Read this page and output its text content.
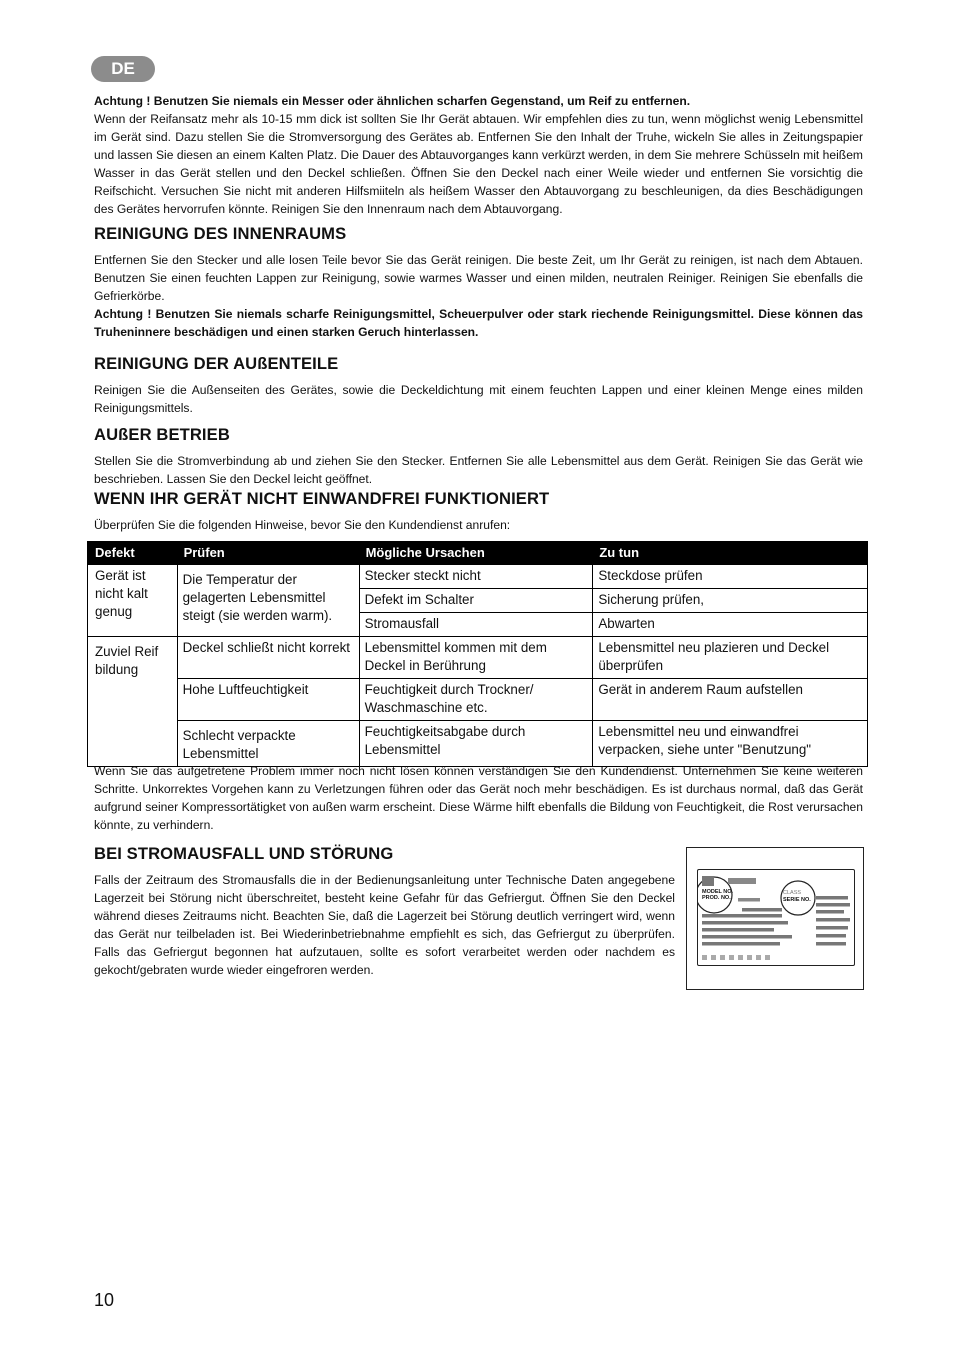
DE

Achtung ! Benutzen Sie niemals ein Messer oder ähnlichen scharfen Gegenstand, um Reif zu entfernen.

Wenn der Reifansatz mehr als 10-15 mm dick ist sollten Sie Ihr Gerät abtauen. Wir empfehlen dies zu tun, wenn möglichst wenig Lebensmittel im Gerät sind. Dazu stellen Sie die Stromversorgung des Gerätes ab. Entfernen Sie den Inhalt der Truhe, wickeln Sie alles in Zeitungspapier und lassen Sie diesen an einem Kalten Platz. Die Dauer des Abtauvorganges kann verkürzt werden, in dem Sie mehrere Schüsseln mit heißem Wasser in das Gerät stellen und den Deckel schließen. Öffnen Sie den Deckel nach einer Weile wieder und entfernen Sie vorsichtig die Reifschicht. Versuchen Sie nicht mit anderen Hilfsmiiteln als heißem Wasser den Abtauvorgang zu beschleunigen, da dies Beschädigungen des Gerätes hervorrufen könnte. Reinigen Sie den Innenraum nach dem Abtauvorgang.

REINIGUNG DES INNENRAUMS

Entfernen Sie den Stecker und alle losen Teile bevor Sie das Gerät reinigen. Die beste Zeit, um Ihr Gerät zu reinigen, ist nach dem Abtauen. Benutzen Sie einen feuchten Lappen zur Reinigung, sowie warmes Wasser und einen milden, neutralen Reiniger. Reinigen Sie ebenfalls die Gefrierkörbe.

Achtung ! Benutzen Sie niemals scharfe Reinigungsmittel, Scheuerpulver oder stark riechende Reinigungsmittel. Diese können das Truheninnere beschädigen und einen starken Geruch hinterlassen.

REINIGUNG DER AUßENTEILE

Reinigen Sie die Außenseiten des Gerätes, sowie die Deckeldichtung mit einem feuchten Lappen und einer kleinen Menge eines milden Reinigungsmittels.

AUßER BETRIEB

Stellen Sie die Stromverbindung ab und ziehen Sie den Stecker. Entfernen Sie alle Lebensmittel aus dem Gerät. Reinigen Sie das Gerät wie beschrieben. Lassen Sie den Deckel leicht geöffnet.

WENN IHR GERÄT NICHT EINWANDFREI FUNKTIONIERT

Überprüfen Sie die folgenden Hinweise, bevor Sie den Kundendienst anrufen:

Defekt	Prüfen	Mögliche Ursachen	Zu tun
Gerät ist nicht kalt genug	Die Temperatur der gelagerten Lebensmittel steigt (sie werden warm).	Stecker steckt nicht	Steckdose prüfen
		Defekt im Schalter	Sicherung prüfen,
		Stromausfall	Abwarten
Zuviel Reif bildung	Deckel schließt nicht korrekt	Lebensmittel kommen mit dem Deckel in Berührung	Lebensmittel neu plazieren und Deckel überprüfen
	Hohe Luftfeuchtigkeit	Feuchtigkeit durch Trockner/ Waschmaschine etc.	Gerät in anderem Raum aufstellen
	Schlecht verpackte Lebensmittel	Feuchtigkeitsabgabe durch Lebensmittel	Lebensmittel neu und einwandfrei verpacken, siehe unter "Benutzung"

Wenn Sie das aufgetretene Problem immer noch nicht lösen können verständigen Sie den Kundendienst. Unternehmen Sie keine weiteren Schritte. Unkorrektes Vorgehen kann zu Verletzungen führen oder das Gerät noch mehr beschädigen. Es ist durchaus normal, daß das Gerät aufgrund seiner Kompressortätigket von außen warm erscheint. Diese Wärme hilft ebenfalls die Bildung von Feuchtigkeit, die Rost verursachen könnte, zu verhindern.

BEI STROMAUSFALL UND STÖRUNG

Falls der Zeitraum des Stromausfalls die in der Bedienungsanleitung unter Technische Daten angegebene Lagerzeit bei Störung nicht überschreitet, besteht keine Gefahr für das Gefriergut. Öffnen Sie den Deckel während dieses Zeitraums nicht. Beachten Sie, daß die Lagerzeit bei Störung deutlich verringert wird, wenn das Gerät nur teilbeladen ist. Bei Wiederinbetriebnahme empfiehlt es sich, das Gefriergut zu überprüfen. Falls das Gefriergut begonnen hat aufzutauen, sollte es sofort verarbeitet werden oder nachdem es gekocht/gebraten wurde wieder eingefroren werden.

MODEL NO. PROD. NO.
CLASS
SERIE NO.
10
